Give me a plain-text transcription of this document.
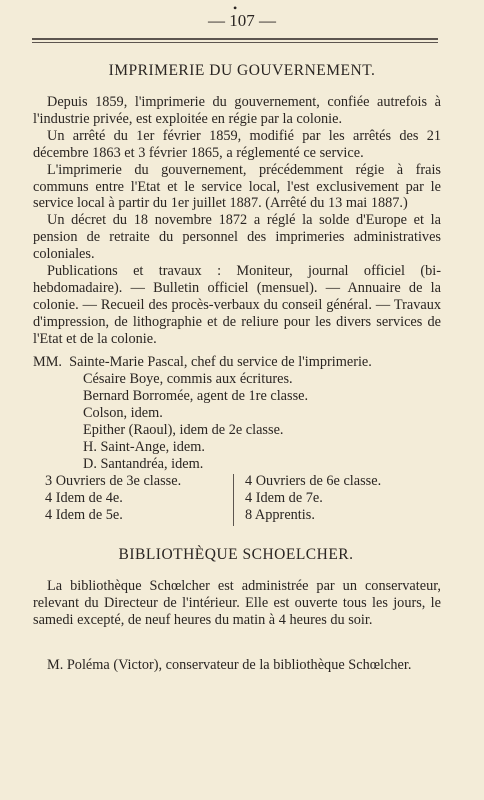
•
— 107 —
IMPRIMERIE DU GOUVERNEMENT.

Depuis 1859, l'imprimerie du gouvernement, confiée autrefois à l'industrie privée, est exploitée en régie par la colonie.

Un arrêté du 1er février 1859, modifié par les arrêtés des 21 décembre 1863 et 3 février 1865, a réglementé ce service.

L'imprimerie du gouvernement, précédemment régie à frais communs entre l'Etat et le service local, l'est exclusivement par le service local à partir du 1er juillet 1887. (Arrêté du 13 mai 1887.)

Un décret du 18 novembre 1872 a réglé la solde d'Europe et la pension de retraite du personnel des imprimeries administratives coloniales.

Publications et travaux : Moniteur, journal officiel (bi-hebdomadaire). — Bulletin officiel (mensuel). — Annuaire de la colonie. — Recueil des procès-verbaux du conseil général. — Travaux d'impression, de lithographie et de reliure pour les divers services de l'Etat et de la colonie.

MM. Sainte-Marie Pascal, chef du service de l'imprimerie.
Césaire Boye, commis aux écritures.
Bernard Borromée, agent de 1re classe.
Colson, idem.
Epither (Raoul), idem de 2e classe.
H. Saint-Ange, idem.
D. Santandréa, idem.
3 Ouvriers de 3e classe.
4 Idem de 4e.
4 Idem de 5e.
4 Ouvriers de 6e classe.
4 Idem de 7e.
8 Apprentis.
BIBLIOTHÈQUE SCHOELCHER.

La bibliothèque Schœlcher est administrée par un conservateur, relevant du Directeur de l'intérieur. Elle est ouverte tous les jours, le samedi excepté, de neuf heures du matin à 4 heures du soir.

M. Poléma (Victor), conservateur de la bibliothèque Schœlcher.
